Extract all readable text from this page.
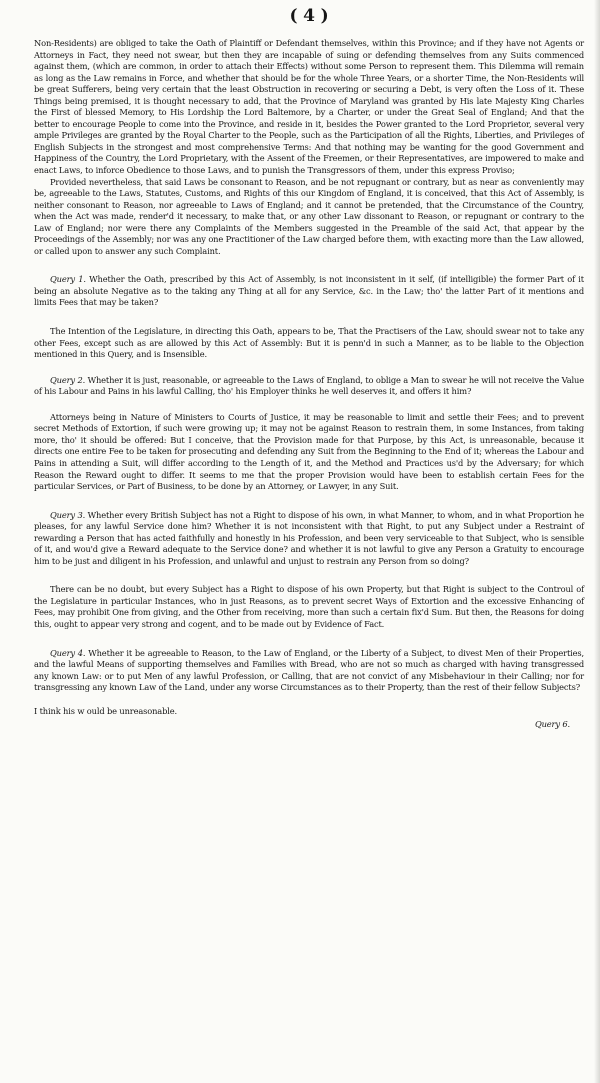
( 4 )

Non-Residents) are obliged to take the Oath of Plaintiff or Defendant themselves, within this Province; and if they have not Agents or Attorneys in Fact, they need not swear, but then they are incapable of suing or defending themselves from any Suits commenced against them, (which are common, in order to attach their Effects) without some Person to represent them. This Dilemma will remain as long as the Law remains in Force, and whether that should be for the whole Three Years, or a shorter Time, the Non-Residents will be great Sufferers, being very certain that the least Obstruction in recovering or securing a Debt, is very often the Loss of it. These Things being premised, it is thought necessary to add, that the Province of Maryland was granted by His late Majesty King Charles the First of blessed Memory, to His Lordship the Lord Baltemore, by a Charter, or under the Great Seal of England; And that the better to encourage People to come into the Province, and reside in it, besides the Power granted to the Lord Proprietor, several very ample Privileges are granted by the Royal Charter to the People, such as the Participation of all the Rights, Liberties, and Privileges of English Subjects in the strongest and most comprehensive Terms: And that nothing may be wanting for the good Government and Happiness of the Country, the Lord Proprietary, with the Assent of the Freemen, or their Representatives, are impowered to make and enact Laws, to inforce Obedience to those Laws, and to punish the Transgressors of them, under this express Proviso;

Provided nevertheless, that said Laws be consonant to Reason, and be not repugnant or contrary, but as near as conveniently may be, agreeable to the Laws, Statutes, Customs, and Rights of this our Kingdom of England, it is conceived, that this Act of Assembly, is neither consonant to Reason, nor agreeable to Laws of England; and it cannot be pretended, that the Circumstance of the Country, when the Act was made, render'd it necessary, to make that, or any other Law dissonant to Reason, or repugnant or contrary to the Law of England; nor were there any Complaints of the Members suggested in the Preamble of the said Act, that appear by the Proceedings of the Assembly; nor was any one Practitioner of the Law charged before them, with exacting more than the Law allowed, or called upon to answer any such Complaint.

Query 1. Whether the Oath, prescribed by this Act of Assembly, is not inconsistent in it self, (if intelligible) the former Part of it being an absolute Negative as to the taking any Thing at all for any Service, &c. in the Law; tho' the latter Part of it mentions and limits Fees that may be taken?

The Intention of the Legislature, in directing this Oath, appears to be, That the Practisers of the Law, should swear not to take any other Fees, except such as are allowed by this Act of Assembly: But it is penn'd in such a Manner, as to be liable to the Objection mentioned in this Query, and is Insensible.

Query 2. Whether it is just, reasonable, or agreeable to the Laws of England, to oblige a Man to swear he will not receive the Value of his Labour and Pains in his lawful Calling, tho' his Employer thinks he well deserves it, and offers it him?

Attorneys being in Nature of Ministers to Courts of Justice, it may be reasonable to limit and settle their Fees; and to prevent secret Methods of Extortion, if such were growing up; it may not be against Reason to restrain them, in some Instances, from taking more, tho' it should be offered: But I conceive, that the Provision made for that Purpose, by this Act, is unreasonable, because it directs one entire Fee to be taken for prosecuting and defending any Suit from the Beginning to the End of it; whereas the Labour and Pains in attending a Suit, will differ according to the Length of it, and the Method and Practices us'd by the Adversary; for which Reason the Reward ought to differ. It seems to me that the proper Provision would have been to establish certain Fees for the particular Services, or Part of Business, to be done by an Attorney, or Lawyer, in any Suit.

Query 3. Whether every British Subject has not a Right to dispose of his own, in what Manner, to whom, and in what Proportion he pleases, for any lawful Service done him? Whether it is not inconsistent with that Right, to put any Subject under a Restraint of rewarding a Person that has acted faithfully and honestly in his Profession, and been very serviceable to that Subject, who is sensible of it, and wou'd give a Reward adequate to the Service done? and whether it is not lawful to give any Person a Gratuity to encourage him to be just and diligent in his Profession, and unlawful and unjust to restrain any Person from so doing?

There can be no doubt, but every Subject has a Right to dispose of his own Property, but that Right is subject to the Controul of the Legislature in particular Instances, who in just Reasons, as to prevent secret Ways of Extortion and the excessive Enhancing of Fees, may prohibit One from giving, and the Other from receiving, more than such a certain fix'd Sum. But then, the Reasons for doing this, ought to appear very strong and cogent, and to be made out by Evidence of Fact.

Query 4. Whether it be agreeable to Reason, to the Law of England, or the Liberty of a Subject, to divest Men of their Properties, and the lawful Means of supporting themselves and Families with Bread, who are not so much as charged with having transgressed any known Law: or to put Men of any lawful Profession, or Calling, that are not convict of any Misbehaviour in their Calling; nor for transgressing any known Law of the Land, under any worse Circumstances as to their Property, than the rest of their fellow Subjects?

I think his w ould be unreasonable.

Query 6.
